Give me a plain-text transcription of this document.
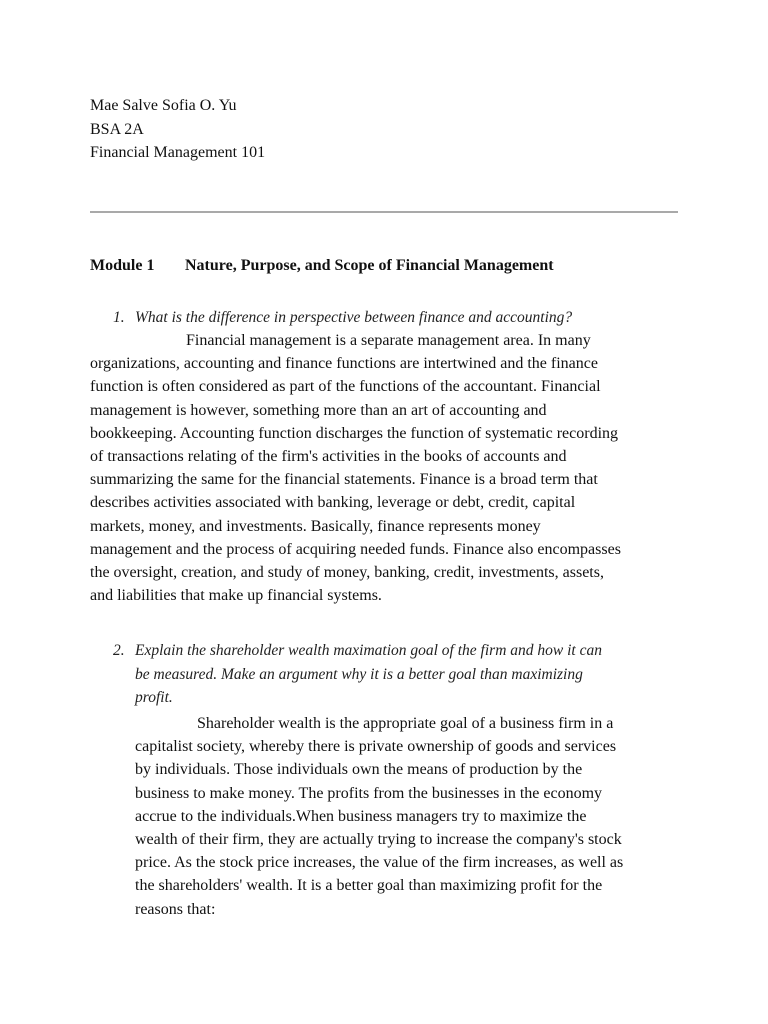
Mae Salve Sofia O. Yu
BSA 2A
Financial Management 101
Module 1 Nature, Purpose, and Scope of Financial Management
1. What is the difference in perspective between finance and accounting?
Financial management is a separate management area. In many
organizations, accounting and finance functions are intertwined and the finance
function is often considered as part of the functions of the accountant. Financial
management is however, something more than an art of accounting and
bookkeeping. Accounting function discharges the function of systematic recording
of transactions relating of the firm's activities in the books of accounts and
summarizing the same for the financial statements. Finance is a broad term that
describes activities associated with banking, leverage or debt, credit, capital
markets, money, and investments. Basically, finance represents money
management and the process of acquiring needed funds. Finance also encompasses
the oversight, creation, and study of money, banking, credit, investments, assets,
and liabilities that make up financial systems.
2. Explain the shareholder wealth maximation goal of the firm and how it can
be measured. Make an argument why it is a better goal than maximizing
profit.
Shareholder wealth is the appropriate goal of a business firm in a
capitalist society, whereby there is private ownership of goods and services
by individuals. Those individuals own the means of production by the
business to make money. The profits from the businesses in the economy
accrue to the individuals.When business managers try to maximize the
wealth of their firm, they are actually trying to increase the company's stock
price. As the stock price increases, the value of the firm increases, as well as
the shareholders' wealth. It is a better goal than maximizing profit for the
reasons that:
